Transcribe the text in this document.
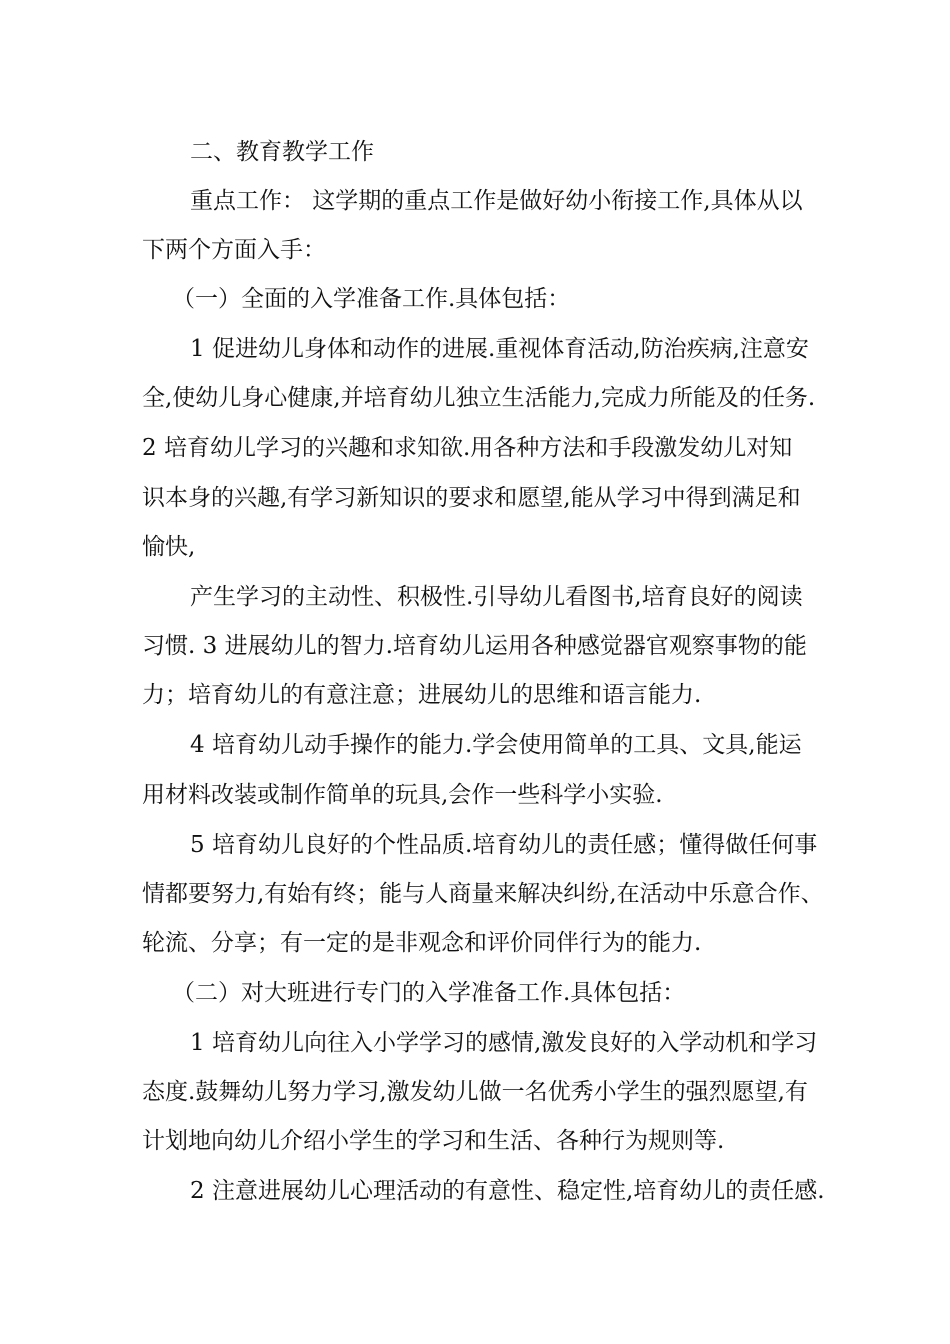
二、教育教学工作
重点工作： 这学期的重点工作是做好幼小衔接工作,具体从以
下两个方面入手：
（一）全面的入学准备工作.具体包括：
1 促进幼儿身体和动作的进展.重视体育活动,防治疾病,注意安
全,使幼儿身心健康,并培育幼儿独立生活能力,完成力所能及的任务.
2 培育幼儿学习的兴趣和求知欲.用各种方法和手段激发幼儿对知
识本身的兴趣,有学习新知识的要求和愿望,能从学习中得到满足和
愉快,
产生学习的主动性、积极性.引导幼儿看图书,培育良好的阅读
习惯. 3 进展幼儿的智力.培育幼儿运用各种感觉器官观察事物的能
力；培育幼儿的有意注意；进展幼儿的思维和语言能力.
4 培育幼儿动手操作的能力.学会使用简单的工具、文具,能运
用材料改装或制作简单的玩具,会作一些科学小实验.
5 培育幼儿良好的个性品质.培育幼儿的责任感；懂得做任何事
情都要努力,有始有终；能与人商量来解决纠纷,在活动中乐意合作、
轮流、分享；有一定的是非观念和评价同伴行为的能力.
（二）对大班进行专门的入学准备工作.具体包括：
1 培育幼儿向往入小学学习的感情,激发良好的入学动机和学习
态度.鼓舞幼儿努力学习,激发幼儿做一名优秀小学生的强烈愿望,有
计划地向幼儿介绍小学生的学习和生活、各种行为规则等.
2 注意进展幼儿心理活动的有意性、稳定性,培育幼儿的责任感.
